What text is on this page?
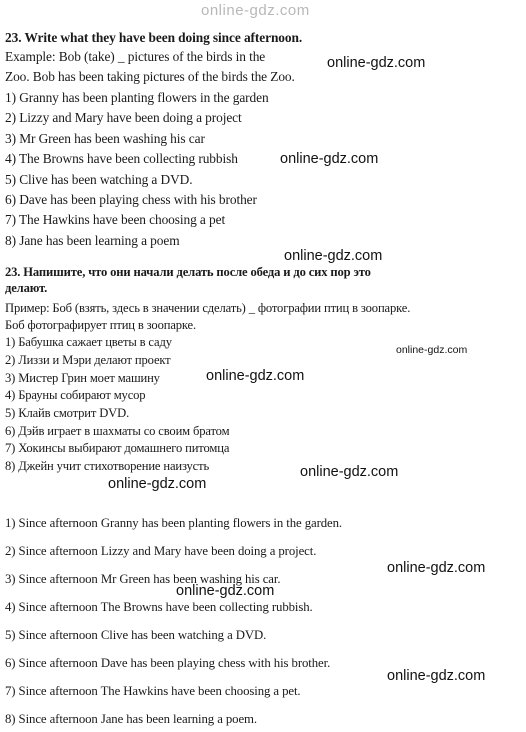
online-gdz.com
23. Write what they have been doing since afternoon.
Example: Bob (take) _ pictures of the birds in the
Zoo. Bob has been taking pictures of the birds the Zoo.
1) Granny has been planting flowers in the garden
2) Lizzy and Mary have been doing a project
3) Mr Green has been washing his car
4) The Browns have been collecting rubbish
5) Clive has been watching a DVD.
6) Dave has been playing chess with his brother
7) The Hawkins have been choosing a pet
8) Jane has been learning a poem
23. Напишите, что они начали делать после обеда и до сих пор это
делают.
Пример: Боб (взять, здесь в значении сделать) _ фотографии птиц в зоопарке.
Боб фотографирует птиц в зоопарке.
1) Бабушка сажает цветы в саду
2) Лиззи и Мэри делают проект
3) Мистер Грин моет машину
4) Брауны собирают мусор
5) Клайв смотрит DVD.
6) Дэйв играет в шахматы со своим братом
7) Хокинсы выбирают домашнего питомца
8) Джейн учит стихотворение наизусть
1) Since afternoon Granny has been planting flowers in the garden.
2) Since afternoon Lizzy and Mary have been doing a project.
3) Since afternoon Mr Green has been washing his car.
4) Since afternoon The Browns have been collecting rubbish.
5) Since afternoon Clive has been watching a DVD.
6) Since afternoon Dave has been playing chess with his brother.
7) Since afternoon The Hawkins have been choosing a pet.
8) Since afternoon Jane has been learning a poem.
online-gdz.com
online-gdz.com
online-gdz.com
online-gdz.com
online-gdz.com
online-gdz.com
online-gdz.com
online-gdz.com
online-gdz.com
online-gdz.com
